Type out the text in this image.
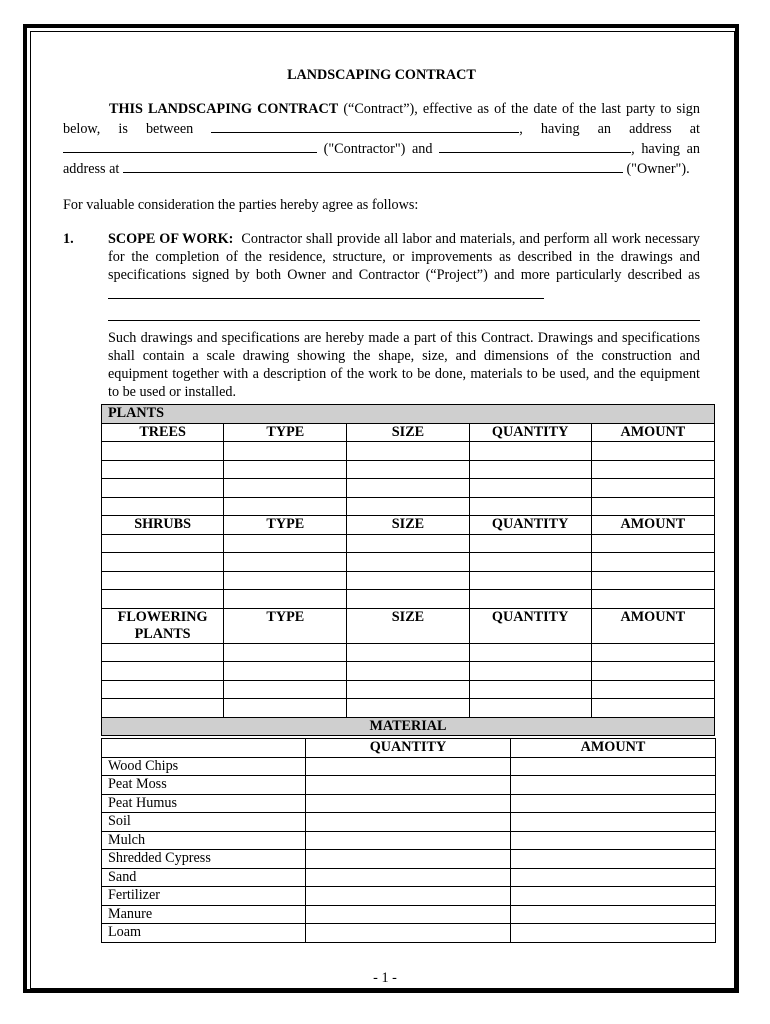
LANDSCAPING CONTRACT

THIS LANDSCAPING CONTRACT (“Contract”), effective as of the date of the last party to sign below, is between	, having an address at  ("Contractor") and	, having an address at	("Owner").

For valuable consideration the parties hereby agree as follows:

1. SCOPE OF WORK: Contractor shall provide all labor and materials, and perform all work necessary for the completion of the residence, structure, or improvements as described in the drawings and specifications signed by both Owner and Contractor (“Project”) and more particularly described as

Such drawings and specifications are hereby made a part of this Contract. Drawings and specifications shall contain a scale drawing showing the shape, size, and dimensions of the construction and equipment together with a description of the work to be done, materials to be used, and the equipment to be used or installed.

PLANTS				
TREES	TYPE	SIZE	QUANTITY	AMOUNT

SHRUBS	TYPE	SIZE	QUANTITY	AMOUNT

FLOWERING PLANTS	TYPE	SIZE	QUANTITY	AMOUNT

MATERIAL				
	QUANTITY	AMOUNT
Wood Chips		
Peat Moss		
Peat Humus		
Soil		
Mulch		
Shredded Cypress		
Sand		
Fertilizer		
Manure		
Loam		
- 1 -
